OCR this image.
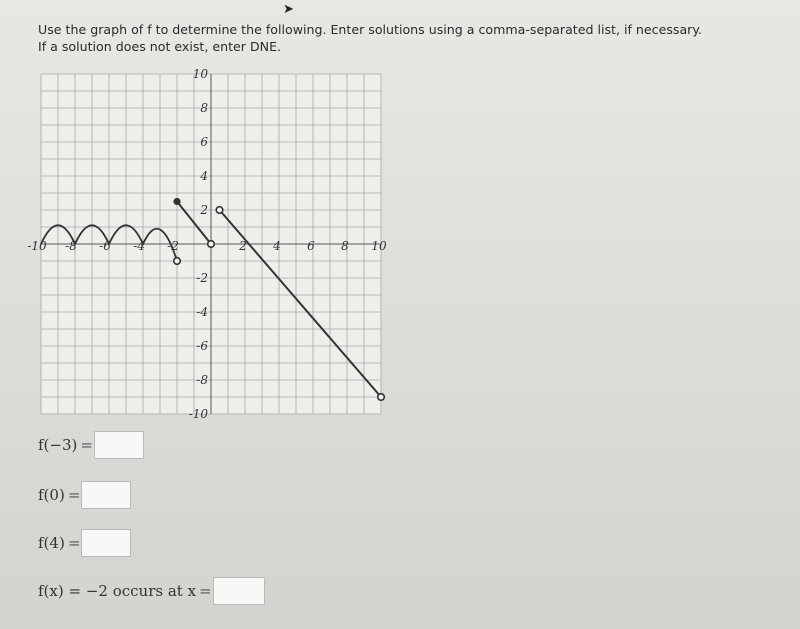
➤

Use the graph of f to determine the following. Enter solutions using a comma-separated list, if necessary.

If a solution does not exist, enter DNE.

-10 -8 -6 -4 -2	2 4 6 8 10
10
8
6
4
2
-2
-4
-6
-8
-10
f(−3) =
f(0) =
f(4) =
f(x) = −2 occurs at x =
